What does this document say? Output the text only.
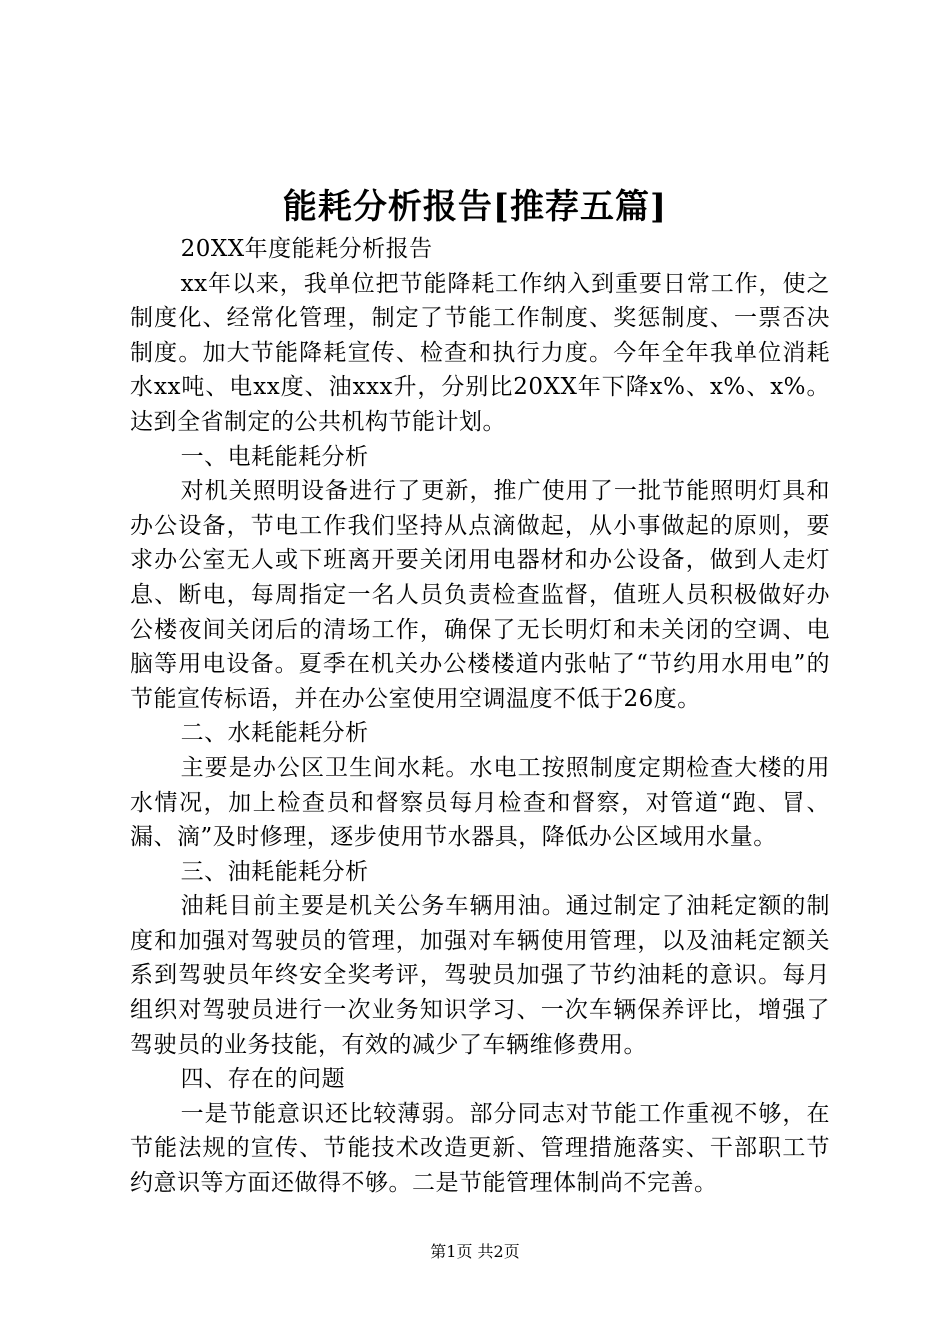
能耗分析报告[推荐五篇]

20XX年度能耗分析报告

xx年以来，我单位把节能降耗工作纳入到重要日常工作，使之制度化、经常化管理，制定了节能工作制度、奖惩制度、一票否决制度。加大节能降耗宣传、检查和执行力度。今年全年我单位消耗水xx吨、电xx度、油xxx升，分别比20XX年下降x%、x%、x%。达到全省制定的公共机构节能计划。

一、电耗能耗分析

对机关照明设备进行了更新，推广使用了一批节能照明灯具和办公设备，节电工作我们坚持从点滴做起，从小事做起的原则，要求办公室无人或下班离开要关闭用电器材和办公设备，做到人走灯息、断电，每周指定一名人员负责检查监督，值班人员积极做好办公楼夜间关闭后的清场工作，确保了无长明灯和未关闭的空调、电脑等用电设备。夏季在机关办公楼楼道内张帖了“节约用水用电”的节能宣传标语，并在办公室使用空调温度不低于26度。

二、水耗能耗分析

主要是办公区卫生间水耗。水电工按照制度定期检查大楼的用水情况，加上检查员和督察员每月检查和督察，对管道“跑、冒、漏、滴”及时修理，逐步使用节水器具，降低办公区域用水量。

三、油耗能耗分析

油耗目前主要是机关公务车辆用油。通过制定了油耗定额的制度和加强对驾驶员的管理，加强对车辆使用管理，以及油耗定额关系到驾驶员年终安全奖考评，驾驶员加强了节约油耗的意识。每月组织对驾驶员进行一次业务知识学习、一次车辆保养评比，增强了驾驶员的业务技能，有效的减少了车辆维修费用。

四、存在的问题

一是节能意识还比较薄弱。部分同志对节能工作重视不够，在节能法规的宣传、节能技术改造更新、管理措施落实、干部职工节约意识等方面还做得不够。二是节能管理体制尚不完善。

第1页 共2页
